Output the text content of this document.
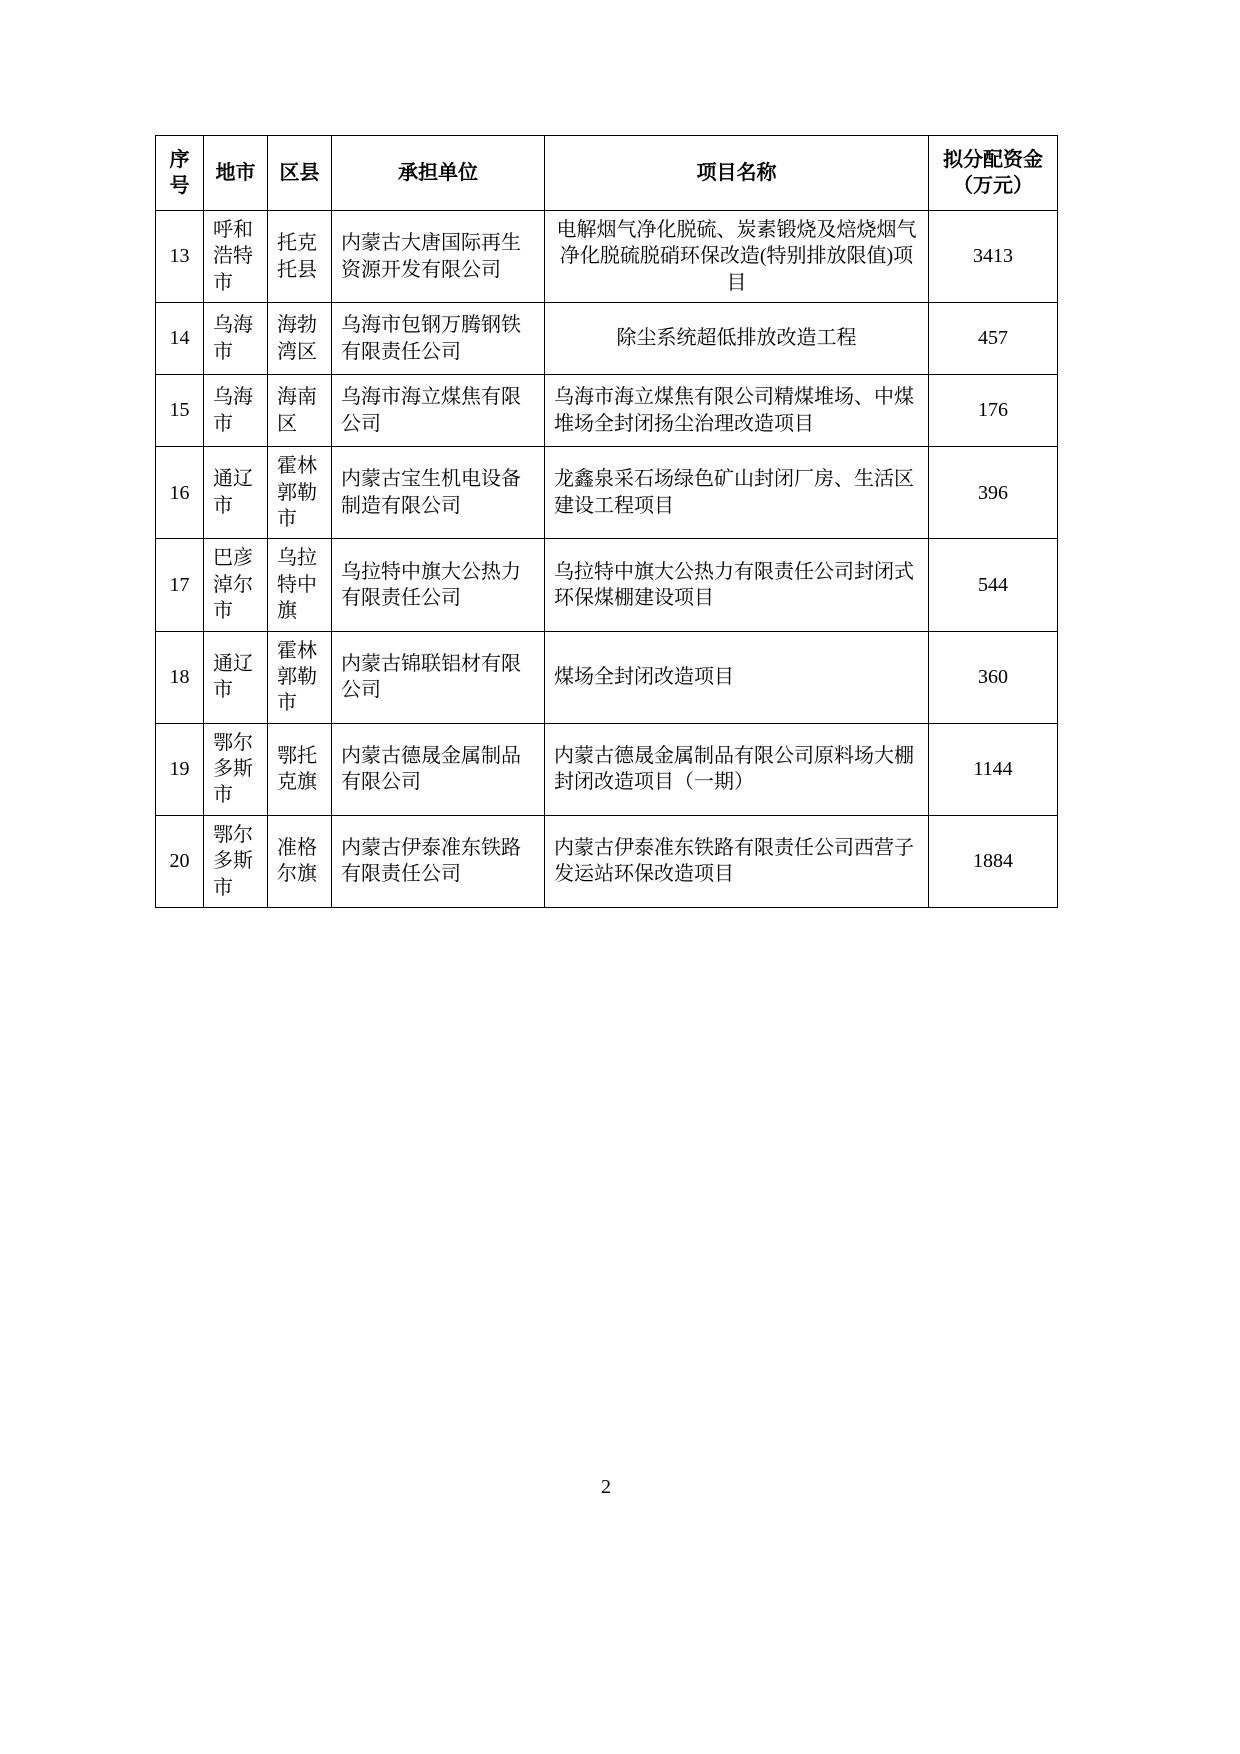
序号	地市	区县	承担单位	项目名称	拟分配资金（万元）
13	呼和浩特市	托克托县	内蒙古大唐国际再生资源开发有限公司	电解烟气净化脱硫、炭素锻烧及焙烧烟气净化脱硫脱硝环保改造(特别排放限值)项目	3413
14	乌海市	海勃湾区	乌海市包钢万腾钢铁有限责任公司	除尘系统超低排放改造工程	457
15	乌海市	海南区	乌海市海立煤焦有限公司	乌海市海立煤焦有限公司精煤堆场、中煤堆场全封闭扬尘治理改造项目	176
16	通辽市	霍林郭勒市	内蒙古宝生机电设备制造有限公司	龙鑫泉采石场绿色矿山封闭厂房、生活区建设工程项目	396
17	巴彦淖尔市	乌拉特中旗	乌拉特中旗大公热力有限责任公司	乌拉特中旗大公热力有限责任公司封闭式环保煤棚建设项目	544
18	通辽市	霍林郭勒市	内蒙古锦联铝材有限公司	煤场全封闭改造项目	360
19	鄂尔多斯市	鄂托克旗	内蒙古德晟金属制品有限公司	内蒙古德晟金属制品有限公司原料场大棚封闭改造项目（一期）	1144
20	鄂尔多斯市	准格尔旗	内蒙古伊泰准东铁路有限责任公司	内蒙古伊泰准东铁路有限责任公司西营子发运站环保改造项目	1884
2
